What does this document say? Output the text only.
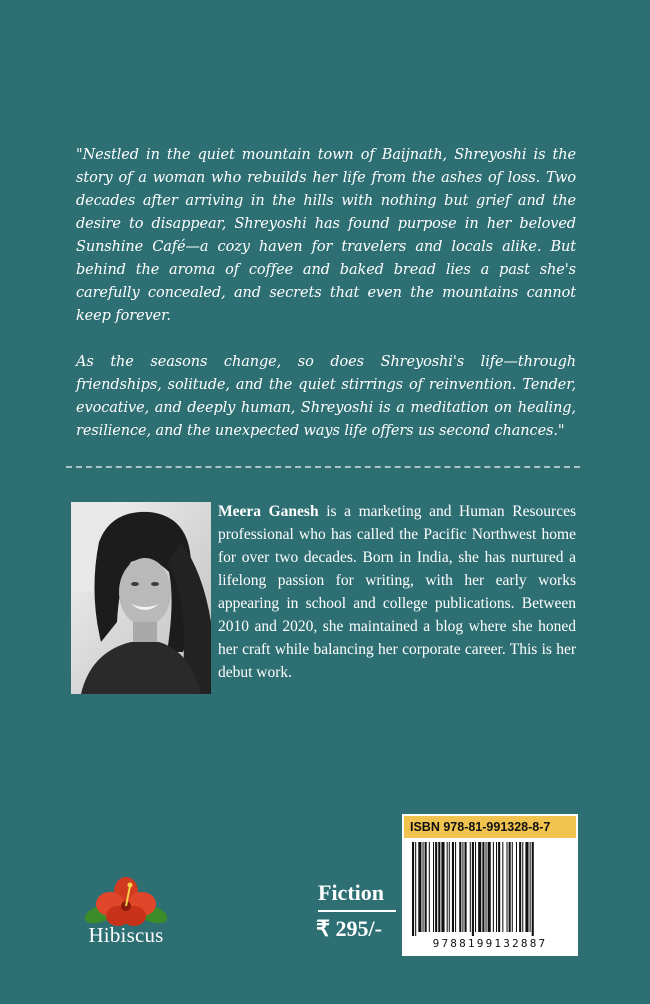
"Nestled in the quiet mountain town of Baijnath, Shreyoshi is the story of a woman who rebuilds her life from the ashes of loss. Two decades after arriving in the hills with nothing but grief and the desire to disappear, Shreyoshi has found purpose in her beloved Sunshine Café—a cozy haven for travelers and locals alike. But behind the aroma of coffee and baked bread lies a past she's carefully concealed, and secrets that even the mountains cannot keep forever.

As the seasons change, so does Shreyoshi's life—through friendships, solitude, and the quiet stirrings of reinvention. Tender, evocative, and deeply human, Shreyoshi is a meditation on healing, resilience, and the unexpected ways life offers us second chances."

Meera Ganesh is a marketing and Human Resources professional who has called the Pacific Northwest home for over two decades. Born in India, she has nurtured a lifelong passion for writing, with her early works appearing in school and college publications. Between 2010 and 2020, she maintained a blog where she honed her craft while balancing her corporate career. This is her debut work.
Hibiscus
Fiction
₹ 295/-
ISBN 978-81-991328-8-7
9788199132887
